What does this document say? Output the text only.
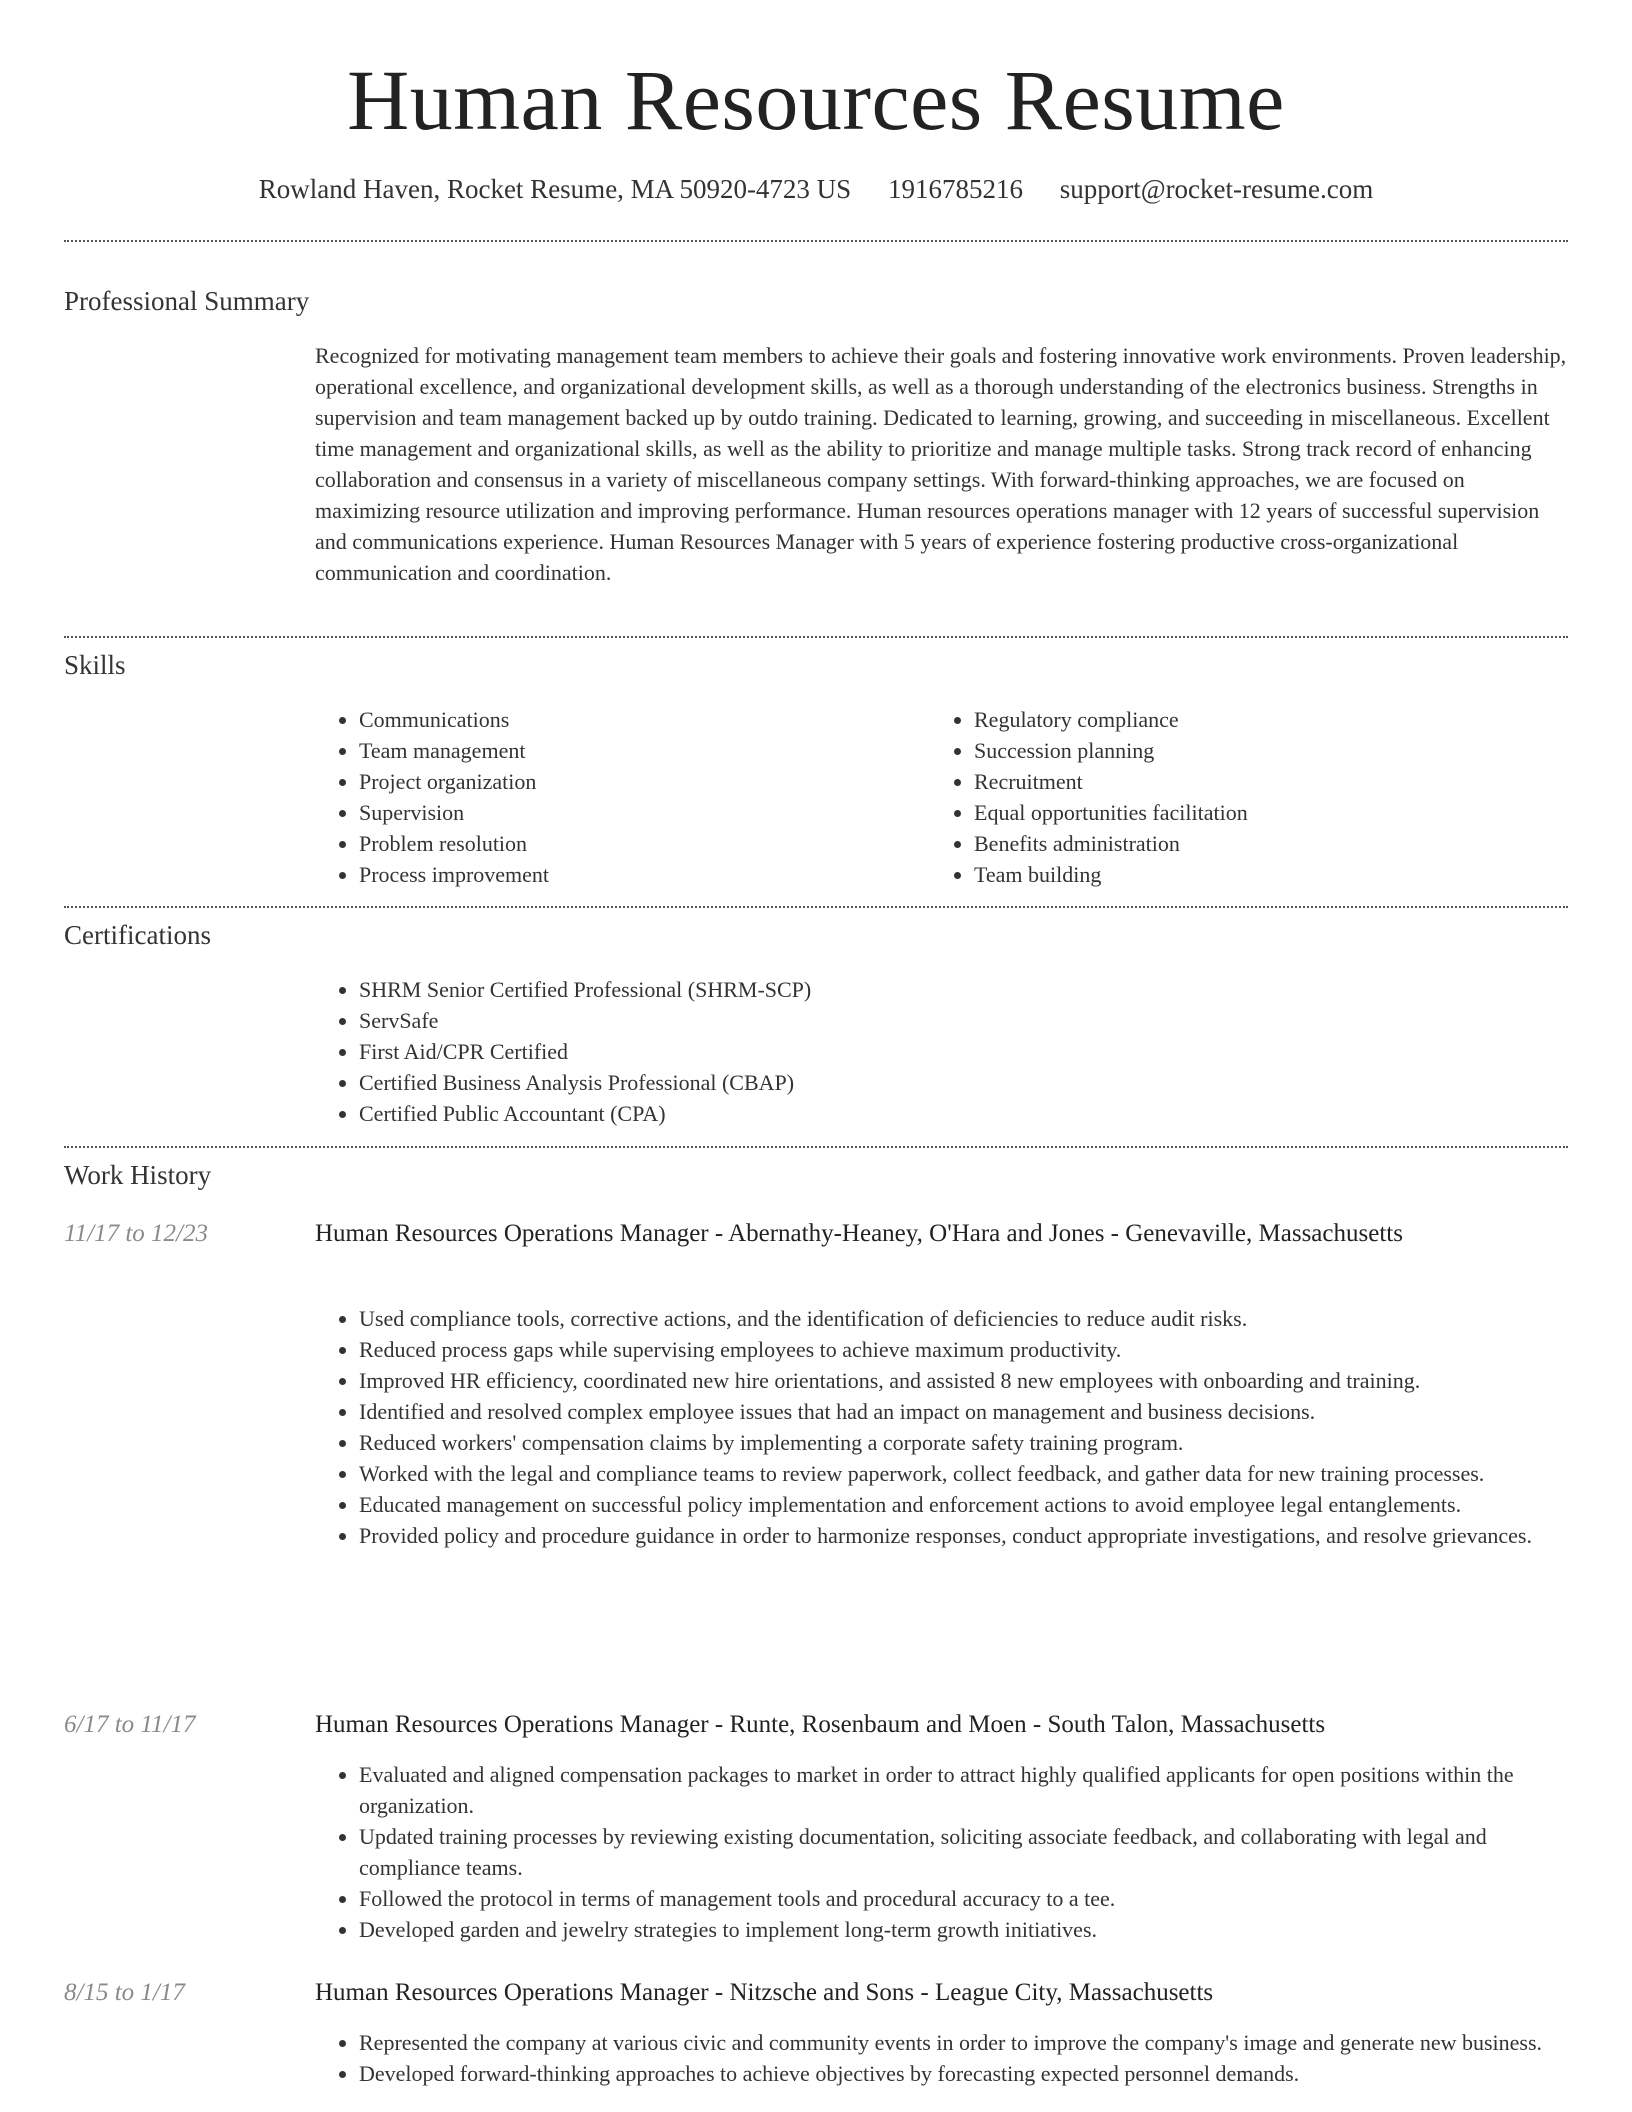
Human Resources Resume
Rowland Haven, Rocket Resume, MA 50920-4723 US 1916785216 support@rocket-resume.com
Professional Summary
Recognized for motivating management team members to achieve their goals and fostering innovative work environments. Proven leadership, operational excellence, and organizational development skills, as well as a thorough understanding of the electronics business. Strengths in supervision and team management backed up by outdo training. Dedicated to learning, growing, and succeeding in miscellaneous. Excellent time management and organizational skills, as well as the ability to prioritize and manage multiple tasks. Strong track record of enhancing collaboration and consensus in a variety of miscellaneous company settings. With forward-thinking approaches, we are focused on maximizing resource utilization and improving performance. Human resources operations manager with 12 years of successful supervision and communications experience. Human Resources Manager with 5 years of experience fostering productive cross-organizational communication and coordination.
Skills
• Communications
• Team management
• Project organization
• Supervision
• Problem resolution
• Process improvement
• Regulatory compliance
• Succession planning
• Recruitment
• Equal opportunities facilitation
• Benefits administration
• Team building
Certifications
• SHRM Senior Certified Professional (SHRM-SCP)
• ServSafe
• First Aid/CPR Certified
• Certified Business Analysis Professional (CBAP)
• Certified Public Accountant (CPA)
Work History
11/17 to 12/23	Human Resources Operations Manager - Abernathy-Heaney, O'Hara and Jones - Genevaville, Massachusetts
• Used compliance tools, corrective actions, and the identification of deficiencies to reduce audit risks.
• Reduced process gaps while supervising employees to achieve maximum productivity.
• Improved HR efficiency, coordinated new hire orientations, and assisted 8 new employees with onboarding and training.
• Identified and resolved complex employee issues that had an impact on management and business decisions.
• Reduced workers' compensation claims by implementing a corporate safety training program.
• Worked with the legal and compliance teams to review paperwork, collect feedback, and gather data for new training processes.
• Educated management on successful policy implementation and enforcement actions to avoid employee legal entanglements.
• Provided policy and procedure guidance in order to harmonize responses, conduct appropriate investigations, and resolve grievances.
6/17 to 11/17	Human Resources Operations Manager - Runte, Rosenbaum and Moen - South Talon, Massachusetts
• Evaluated and aligned compensation packages to market in order to attract highly qualified applicants for open positions within the organization.
• Updated training processes by reviewing existing documentation, soliciting associate feedback, and collaborating with legal and compliance teams.
• Followed the protocol in terms of management tools and procedural accuracy to a tee.
• Developed garden and jewelry strategies to implement long-term growth initiatives.
8/15 to 1/17	Human Resources Operations Manager - Nitzsche and Sons - League City, Massachusetts
• Represented the company at various civic and community events in order to improve the company's image and generate new business.
• Developed forward-thinking approaches to achieve objectives by forecasting expected personnel demands.
